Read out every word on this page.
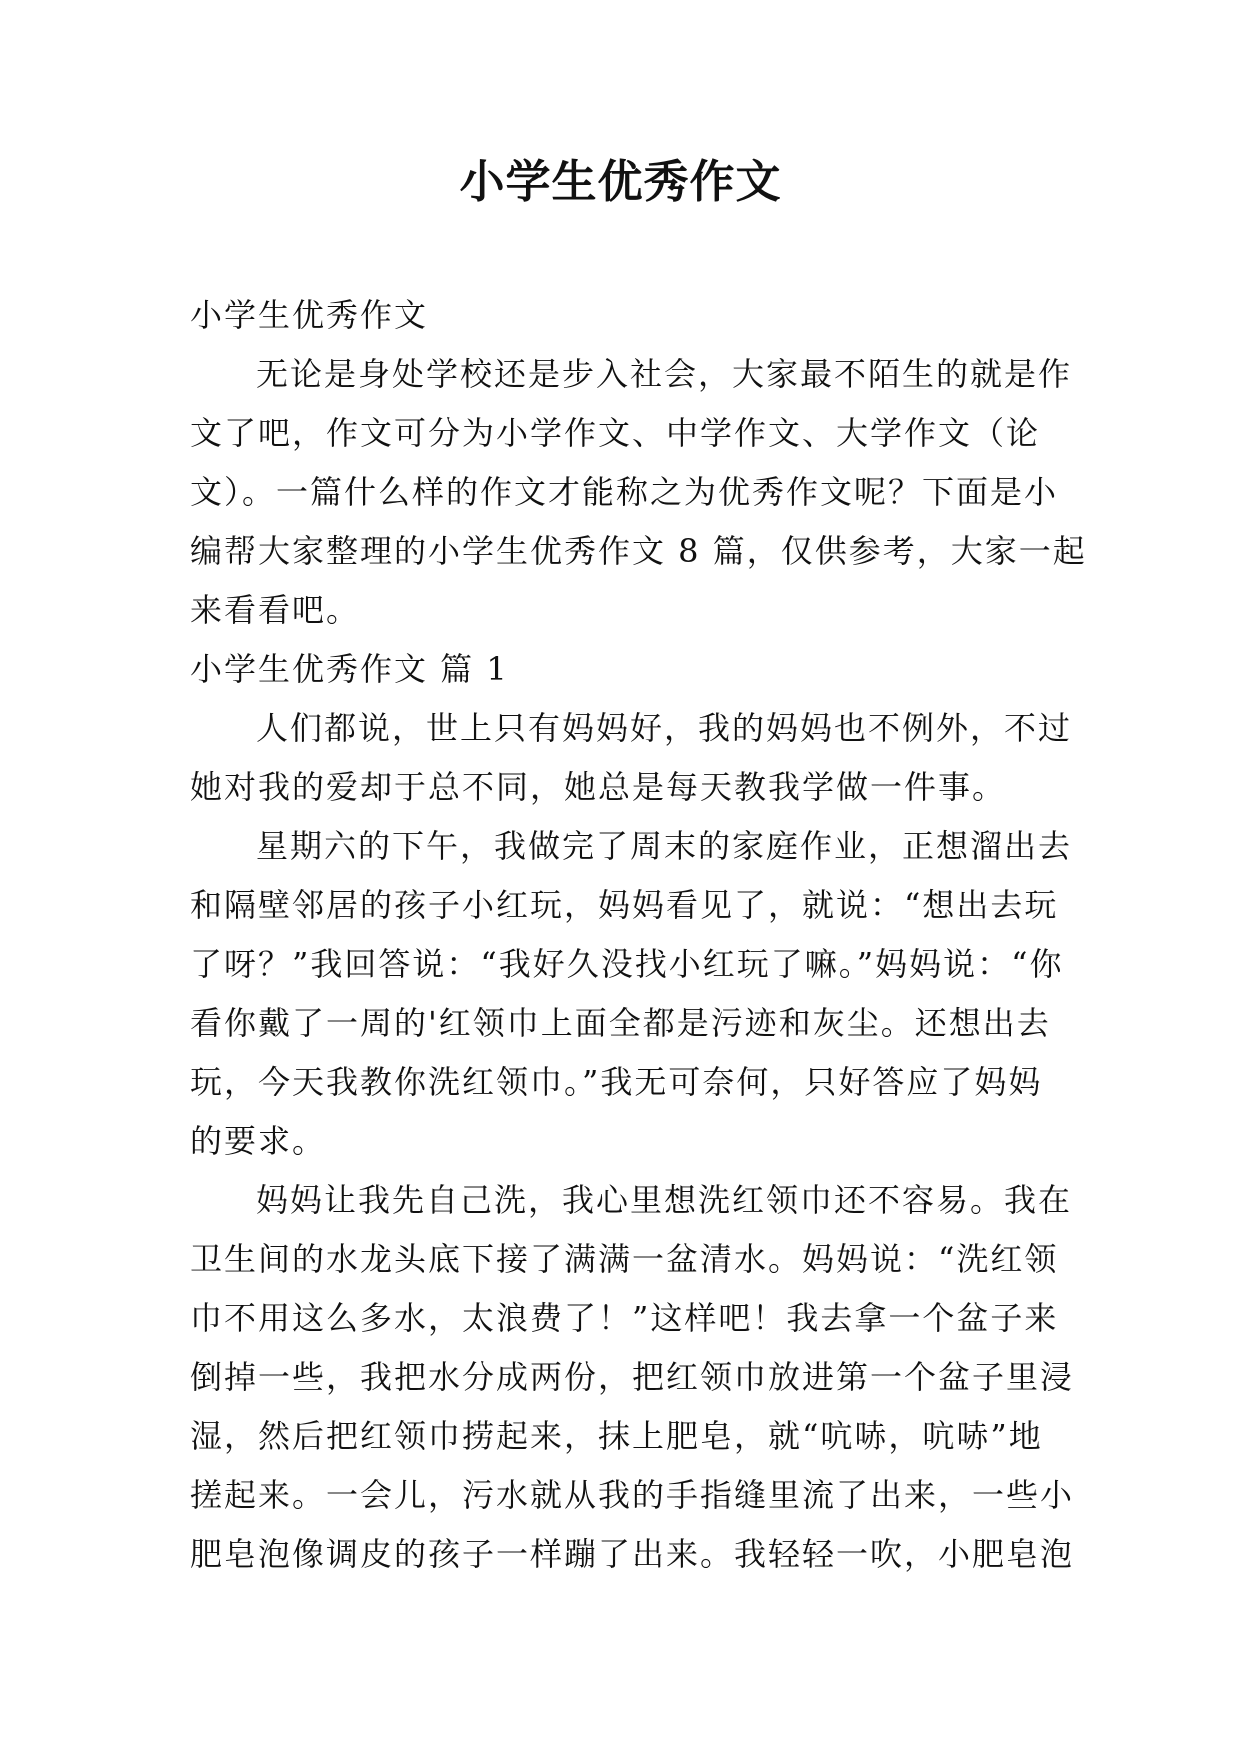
小学生优秀作文
小学生优秀作文
无论是身处学校还是步入社会，大家最不陌生的就是作
文了吧，作文可分为小学作文、中学作文、大学作文（论
文）。一篇什么样的作文才能称之为优秀作文呢？下面是小
编帮大家整理的小学生优秀作文 8 篇，仅供参考，大家一起
来看看吧。
小学生优秀作文 篇 1
人们都说，世上只有妈妈好，我的妈妈也不例外，不过
她对我的爱却于总不同，她总是每天教我学做一件事。
星期六的下午，我做完了周末的家庭作业，正想溜出去
和隔壁邻居的孩子小红玩，妈妈看见了，就说：“想出去玩
了呀？”我回答说：“我好久没找小红玩了嘛。”妈妈说：“你
看你戴了一周的'红领巾上面全都是污迹和灰尘。还想出去
玩，今天我教你洗红领巾。”我无可奈何，只好答应了妈妈
的要求。
妈妈让我先自己洗，我心里想洗红领巾还不容易。我在
卫生间的水龙头底下接了满满一盆清水。妈妈说：“洗红领
巾不用这么多水，太浪费了！”这样吧！我去拿一个盆子来
倒掉一些，我把水分成两份，把红领巾放进第一个盆子里浸
湿，然后把红领巾捞起来，抹上肥皂，就“吭哧，吭哧”地
搓起来。一会儿，污水就从我的手指缝里流了出来，一些小
肥皂泡像调皮的孩子一样蹦了出来。我轻轻一吹，小肥皂泡
